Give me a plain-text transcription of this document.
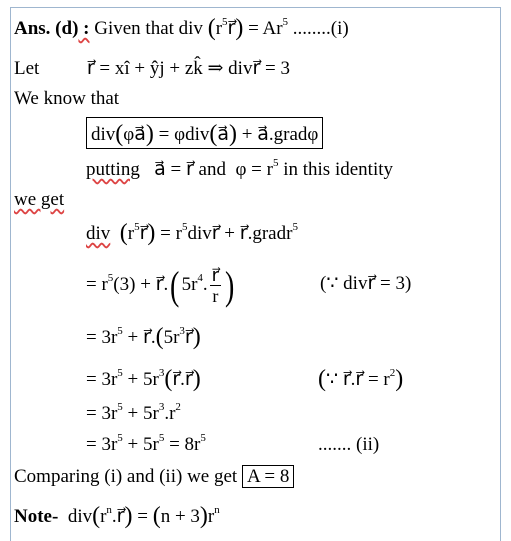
Ans. (d) : Given that div $(r^5r⃗) = Ar^5$ ........(i)
Let          r⃗ = xî + ŷj + zk̂ ⇒ divr⃗ = 3
We know that
div(φa⃗) = φdiv(a⃗) + a⃗.gradφ
putting   a⃗ = r⃗ and  $\varphi = r^5$ in this identity
we get
div $(r^5r⃗)$ = $r^5divr⃗$ + r⃗.gradr$^5$
= $r^5(3)$ + r⃗.( $5r^4$. $\frac{r⃗}{r}$ )	(∵ divr⃗ = 3)
= $3r^5$ + $r⃗.(5r^3r⃗)$
= $3r^5$ + $5r^3(r⃗.r⃗)$	(∵ r⃗.r⃗ = $r^2$)
= $3r^5 + 5r^3.r^2$
= $3r^5 + 5r^5 = 8r^5$	....... (ii)
Comparing (i) and (ii) we get A = 8
Note-  $div(r^n.r⃗) = (n + 3)r^n$
